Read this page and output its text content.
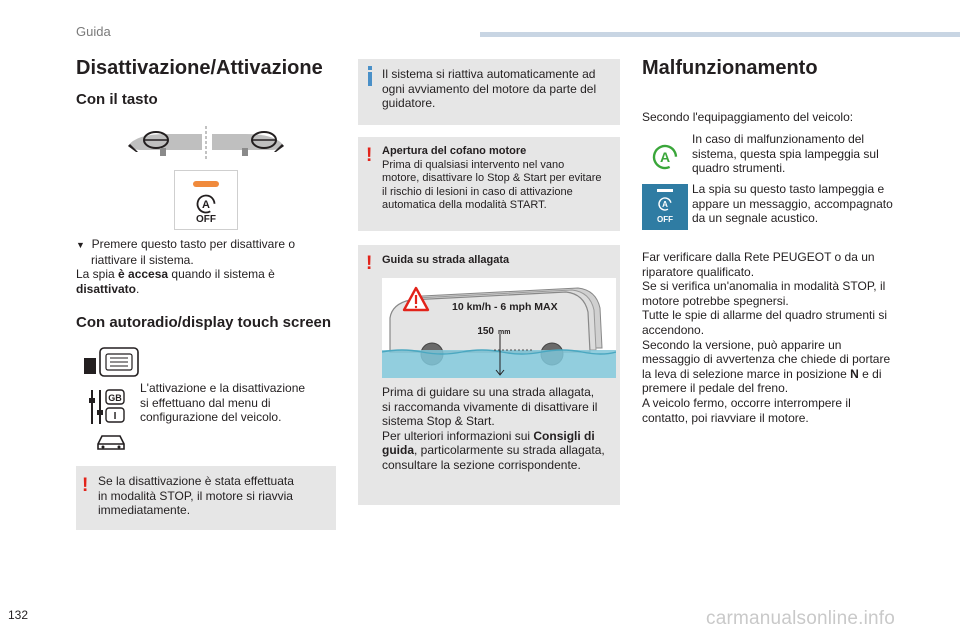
Guida
Disattivazione/Attivazione
Con il tasto
A
OFF
▼ Premere questo tasto per disattivare o
riattivare il sistema.
La spia è accesa quando il sistema è
disattivato.
Con autoradio/display touch screen
GB
I
L'attivazione e la disattivazione
si effettuano dal menu di
configurazione del veicolo.
! Se la disattivazione è stata effettuata
in modalità STOP, il motore si riavvia
immediatamente.
Il sistema si riattiva automaticamente ad
ogni avviamento del motore da parte del
guidatore.
! Apertura del cofano motore
Prima di qualsiasi intervento nel vano
motore, disattivare lo Stop & Start per evitare
il rischio di lesioni in caso di attivazione
automatica della modalità START.
! Guida su strada allagata
10 km/h - 6 mph MAX
150 mm
Prima di guidare su una strada allagata,
si raccomanda vivamente di disattivare il
sistema Stop & Start.
Per ulteriori informazioni sui Consigli di
guida, particolarmente su strada allagata,
consultare la sezione corrispondente.
Malfunzionamento
Secondo l'equipaggiamento del veicolo:
A
In caso di malfunzionamento del
sistema, questa spia lampeggia sul
quadro strumenti.
A
OFF
La spia su questo tasto lampeggia e
appare un messaggio, accompagnato
da un segnale acustico.
Far verificare dalla Rete PEUGEOT o da un
riparatore qualificato.
Se si verifica un'anomalia in modalità STOP, il
motore potrebbe spegnersi.
Tutte le spie di allarme del quadro strumenti si
accendono.
Secondo la versione, può apparire un
messaggio di avvertenza che chiede di portare
la leva di selezione marce in posizione N e di
premere il pedale del freno.
A veicolo fermo, occorre interrompere il
contatto, poi riavviare il motore.
132	carmanualsonline.info
